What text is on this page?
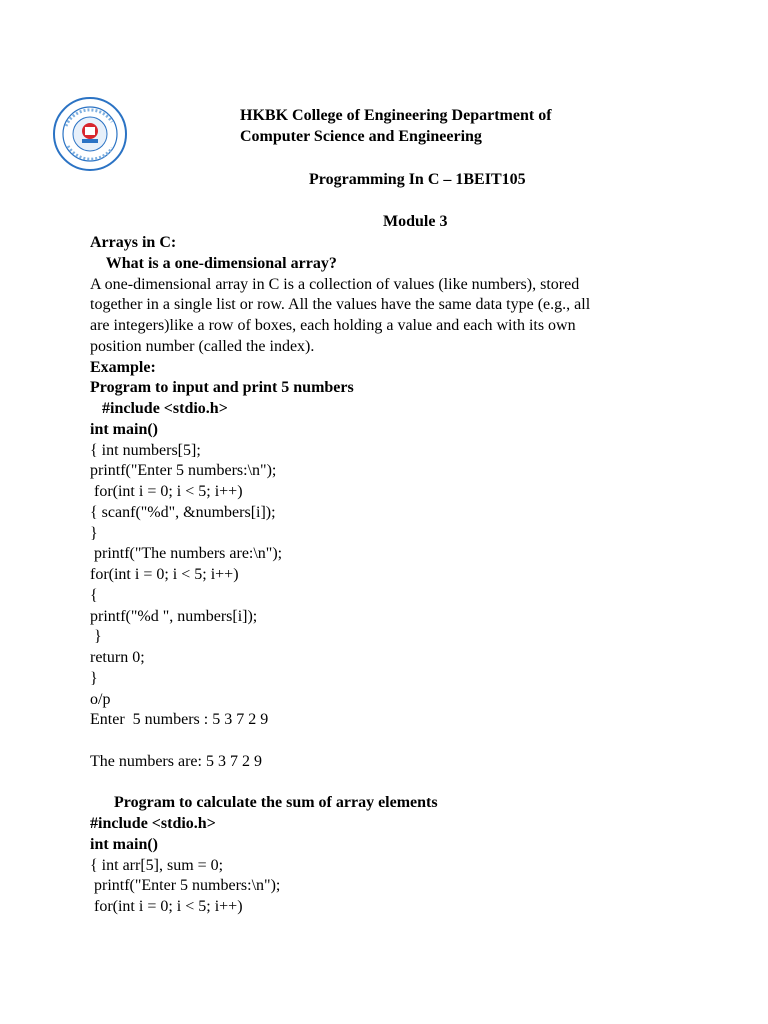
HKBK College of Engineering Department of
Computer Science and Engineering
Programming In C – 1BEIT105
Module 3
Arrays in C:
What is a one-dimensional array?
A one-dimensional array in C is a collection of values (like numbers), stored
together in a single list or row. All the values have the same data type (e.g., all
are integers)like a row of boxes, each holding a value and each with its own
position number (called the index).
Example:
Program to input and print 5 numbers
#include <stdio.h>
int main()
{ int numbers[5];
printf("Enter 5 numbers:\n");
for(int i = 0; i < 5; i++)
{ scanf("%d", &numbers[i]);
}
printf("The numbers are:\n");
for(int i = 0; i < 5; i++)
{
printf("%d ", numbers[i]);
}
return 0;
}
o/p
Enter  5 numbers : 5 3 7 2 9
The numbers are: 5 3 7 2 9
Program to calculate the sum of array elements
#include <stdio.h>
int main()
{ int arr[5], sum = 0;
printf("Enter 5 numbers:\n");
for(int i = 0; i < 5; i++)
